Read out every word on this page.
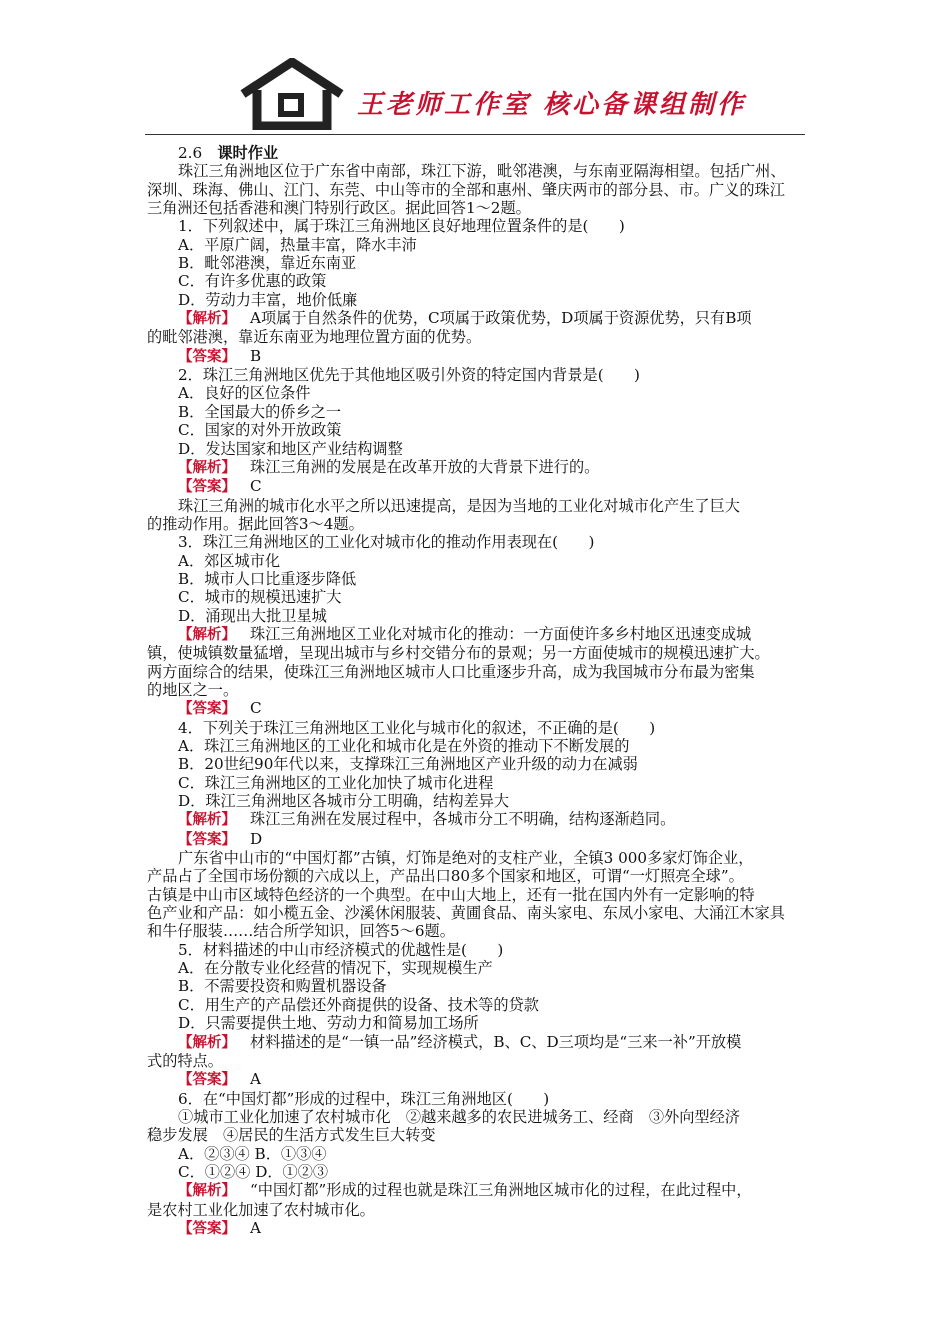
王老师工作室 核心备课组制作

2.6　 课时作业

珠江三角洲地区位于广东省中南部，珠江下游，毗邻港澳，与东南亚隔海相望。包括广州、

深圳、珠海、佛山、江门、东莞、中山等市的全部和惠州、肇庆两市的部分县、市。广义的珠江

三角洲还包括香港和澳门特别行政区。据此回答1～2题。

1．下列叙述中，属于珠江三角洲地区良好地理位置条件的是(　　)

A．平原广阔，热量丰富，降水丰沛

B．毗邻港澳，靠近东南亚

C．有许多优惠的政策

D．劳动力丰富，地价低廉

【解析】 A项属于自然条件的优势，C项属于政策优势，D项属于资源优势，只有B项

的毗邻港澳，靠近东南亚为地理位置方面的优势。

【答案】 B

2．珠江三角洲地区优先于其他地区吸引外资的特定国内背景是(　　)

A．良好的区位条件

B．全国最大的侨乡之一

C．国家的对外开放政策

D．发达国家和地区产业结构调整

【解析】 珠江三角洲的发展是在改革开放的大背景下进行的。

【答案】 C

珠江三角洲的城市化水平之所以迅速提高，是因为当地的工业化对城市化产生了巨大

的推动作用。据此回答3～4题。

3．珠江三角洲地区的工业化对城市化的推动作用表现在(　　)

A．郊区城市化

B．城市人口比重逐步降低

C．城市的规模迅速扩大

D．涌现出大批卫星城

【解析】 珠江三角洲地区工业化对城市化的推动：一方面使许多乡村地区迅速变成城

镇，使城镇数量猛增，呈现出城市与乡村交错分布的景观；另一方面使城市的规模迅速扩大。

两方面综合的结果，使珠江三角洲地区城市人口比重逐步升高，成为我国城市分布最为密集

的地区之一。

【答案】 C

4．下列关于珠江三角洲地区工业化与城市化的叙述，不正确的是(　　)

A．珠江三角洲地区的工业化和城市化是在外资的推动下不断发展的

B．20世纪90年代以来，支撑珠江三角洲地区产业升级的动力在减弱

C．珠江三角洲地区的工业化加快了城市化进程

D．珠江三角洲地区各城市分工明确，结构差异大

【解析】 珠江三角洲在发展过程中，各城市分工不明确，结构逐渐趋同。

【答案】 D

广东省中山市的“中国灯都”古镇，灯饰是绝对的支柱产业，全镇3 000多家灯饰企业，

产品占了全国市场份额的六成以上，产品出口80多个国家和地区，可谓“一灯照亮全球”。

古镇是中山市区域特色经济的一个典型。在中山大地上，还有一批在国内外有一定影响的特

色产业和产品：如小榄五金、沙溪休闲服装、黄圃食品、南头家电、东凤小家电、大涌江木家具

和牛仔服装……结合所学知识，回答5～6题。

5．材料描述的中山市经济模式的优越性是(　　)

A．在分散专业化经营的情况下，实现规模生产

B．不需要投资和购置机器设备

C．用生产的产品偿还外商提供的设备、技术等的贷款

D．只需要提供土地、劳动力和简易加工场所

【解析】 材料描述的是“一镇一品”经济模式，B、C、D三项均是“三来一补”开放模

式的特点。

【答案】 A

6．在“中国灯都”形成的过程中，珠江三角洲地区(　　)

①城市工业化加速了农村城市化　②越来越多的农民进城务工、经商　③外向型经济

稳步发展　④居民的生活方式发生巨大转变

A．②③④ B．①③④

C．①②④ D．①②③

【解析】 “中国灯都”形成的过程也就是珠江三角洲地区城市化的过程，在此过程中，

是农村工业化加速了农村城市化。

【答案】 A
